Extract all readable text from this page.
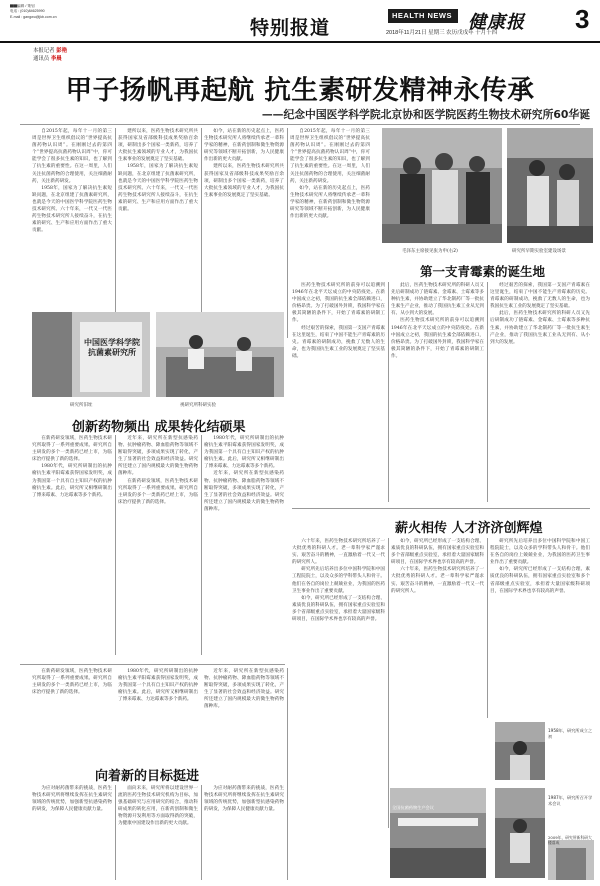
▇▇编辑 / 策划
电话 : (010)84625990
E-mail : gangwu@jkb.com.cn
特别报道
HEALTH NEWS 健康报 3
2018年11月21日 星期三 农历戊戌年 十月十四
本报记者 彭艳
通讯员 李晨
甲子扬帆再起航 抗生素研发精神永传承
——纪念中国医学科学院北京协和医学院医药生物技术研究所60华诞

自2015年起，每年十一月的第三周是世界卫生组织倡议的“世界提高抗菌药物认识周”。在刚刚过去的第四个“世界提高抗菌药物认识周”中，你可能学会了很多抗生素的知识，也了解到了抗生素的重要性。在这一周里，人们关注抗菌药物的合理使用，关注细菌耐药，关注新药研发。

1958年，国家为了解决抗生素短缺问题，在北京组建了抗菌素研究所，也就是今天的中国医学科学院医药生物技术研究所。六十年来，一代又一代医药生物技术研究所人接续奋斗，在抗生素的研究、生产和应用方面作出了重大贡献。

建所以来，医药生物技术研究所共获得国家及省部级科技成果奖励百余项，研制出多个国家一类新药，培养了大批抗生素领域的专业人才，为我国抗生素事业的发展奠定了坚实基础。

1958年，国家为了解决抗生素短缺问题，在北京组建了抗菌素研究所，也就是今天的中国医学科学院医药生物技术研究所。六十年来，一代又一代医药生物技术研究所人接续奋斗，在抗生素的研究、生产和应用方面作出了重大贡献。

如今，站在新的历史起点上，医药生物技术研究所人将继续传承老一辈科学家的精神，在新药创制和微生物资源研究等领域不断开拓创新，为人民健康作出新的更大贡献。

建所以来，医药生物技术研究所共获得国家及省部级科技成果奖励百余项，研制出多个国家一类新药，培养了大批抗生素领域的专业人才，为我国抗生素事业的发展奠定了坚实基础。

自2015年起，每年十一月的第三周是世界卫生组织倡议的“世界提高抗菌药物认识周”。在刚刚过去的第四个“世界提高抗菌药物认识周”中，你可能学会了很多抗生素的知识，也了解到了抗生素的重要性。在这一周里，人们关注抗菌药物的合理使用，关注细菌耐药，关注新药研发。

如今，站在新的历史起点上，医药生物技术研究所人将继续传承老一辈科学家的精神，在新药创制和微生物资源研究等领域不断开拓创新，为人民健康作出新的更大贡献。

毛泽东主席接见张为申(右2)	研究所早期实验室建设场景
第一支青霉素的诞生地

医药生物技术研究所的前身可以追溯到1946年在北平天坛成立的中央防疫处。在新中国成立之初，我国的抗生素全部依赖进口，价格昂贵。为了打破国外封锁，我国科学家在极其简陋的条件下，开始了青霉素的研制工作。

经过艰苦的探索，我国第一支国产青霉素在这里诞生，结束了中国不能生产青霉素的历史。青霉素的研制成功，挽救了无数人的生命，也为我国抗生素工业的发展奠定了坚实基础。

此后，医药生物技术研究所的科研人员又先后研制成功了链霉素、金霉素、土霉素等多种抗生素，并协助建立了华北制药厂等一批抗生素生产企业，推动了我国抗生素工业从无到有、从小到大的发展。

医药生物技术研究所的前身可以追溯到1946年在北平天坛成立的中央防疫处。在新中国成立之初，我国的抗生素全部依赖进口，价格昂贵。为了打破国外封锁，我国科学家在极其简陋的条件下，开始了青霉素的研制工作。

经过艰苦的探索，我国第一支国产青霉素在这里诞生，结束了中国不能生产青霉素的历史。青霉素的研制成功，挽救了无数人的生命，也为我国抗生素工业的发展奠定了坚实基础。

此后，医药生物技术研究所的科研人员又先后研制成功了链霉素、金霉素、土霉素等多种抗生素，并协助建立了华北制药厂等一批抗生素生产企业，推动了我国抗生素工业从无到有、从小到大的发展。

中国医学科学院 抗菌素研究所
研究所旧址	视研究所科研实验
创新药物频出 成果转化结硕果

在新药研发领域，医药生物技术研究所取得了一系列重要成果。研究所自主研发的多个一类新药已经上市，为临床治疗提供了新的选择。

1980年代，研究所研制出的抗肿瘤抗生素平阳霉素获得国家发明奖，成为我国第一个具有自主知识产权的抗肿瘤抗生素。此后，研究所又相继研制出了博来霉素、力达霉素等多个新药。

近年来，研究所在新型抗感染药物、抗肿瘤药物、降血脂药物等领域不断取得突破，多项成果实现了转化，产生了显著的社会效益和经济效益。研究所还建立了国内规模最大的微生物药物菌种库。

在新药研发领域，医药生物技术研究所取得了一系列重要成果。研究所自主研发的多个一类新药已经上市，为临床治疗提供了新的选择。

1980年代，研究所研制出的抗肿瘤抗生素平阳霉素获得国家发明奖，成为我国第一个具有自主知识产权的抗肿瘤抗生素。此后，研究所又相继研制出了博来霉素、力达霉素等多个新药。

近年来，研究所在新型抗感染药物、抗肿瘤药物、降血脂药物等领域不断取得突破，多项成果实现了转化，产生了显著的社会效益和经济效益。研究所还建立了国内规模最大的微生物药物菌种库。

薪火相传 人才济济创辉煌

六十年来，医药生物技术研究所培养了一大批优秀的科研人才。老一辈科学家严谨求实、艰苦奋斗的精神，一直激励着一代又一代的研究所人。

研究所先后培养出多位中国科学院和中国工程院院士，以及众多的学科带头人和骨干。他们在各自的岗位上兢兢业业，为我国的医药卫生事业作出了重要贡献。

如今，研究所已经形成了一支结构合理、素质优良的科研队伍，拥有国家重点实验室和多个省部级重点实验室，承担着大量国家级科研项目，在国际学术界也享有较高的声誉。

如今，研究所已经形成了一支结构合理、素质优良的科研队伍，拥有国家重点实验室和多个省部级重点实验室，承担着大量国家级科研项目，在国际学术界也享有较高的声誉。

六十年来，医药生物技术研究所培养了一大批优秀的科研人才。老一辈科学家严谨求实、艰苦奋斗的精神，一直激励着一代又一代的研究所人。

研究所先后培养出多位中国科学院和中国工程院院士，以及众多的学科带头人和骨干。他们在各自的岗位上兢兢业业，为我国的医药卫生事业作出了重要贡献。

如今，研究所已经形成了一支结构合理、素质优良的科研队伍，拥有国家重点实验室和多个省部级重点实验室，承担着大量国家级科研项目，在国际学术界也享有较高的声誉。

在新药研发领域，医药生物技术研究所取得了一系列重要成果。研究所自主研发的多个一类新药已经上市，为临床治疗提供了新的选择。

1980年代，研究所研制出的抗肿瘤抗生素平阳霉素获得国家发明奖，成为我国第一个具有自主知识产权的抗肿瘤抗生素。此后，研究所又相继研制出了博来霉素、力达霉素等多个新药。

近年来，研究所在新型抗感染药物、抗肿瘤药物、降血脂药物等领域不断取得突破，多项成果实现了转化，产生了显著的社会效益和经济效益。研究所还建立了国内规模最大的微生物药物菌种库。

向着新的目标挺进

为应对耐药菌带来的挑战，医药生物技术研究所将继续发挥在抗生素研究领域的传统优势，加强新型抗感染药物的研发，为保障人民健康贡献力量。

面向未来，研究所将以建设世界一流的医药生物技术研究机构为目标，加强基础研究与应用研究的结合，推动科研成果的转化应用，在新药创制和微生物资源开发利用等方面取得新的突破，为健康中国建设作出新的更大贡献。

为应对耐药菌带来的挑战，医药生物技术研究所将继续发挥在抗生素研究领域的传统优势，加强新型抗感染药物的研发，为保障人民健康贡献力量。

1958年，研究所成立之初
全国抗菌药物生产会议
1987年，研究所召开学术会议
2009年，研究所新科研大楼落成
